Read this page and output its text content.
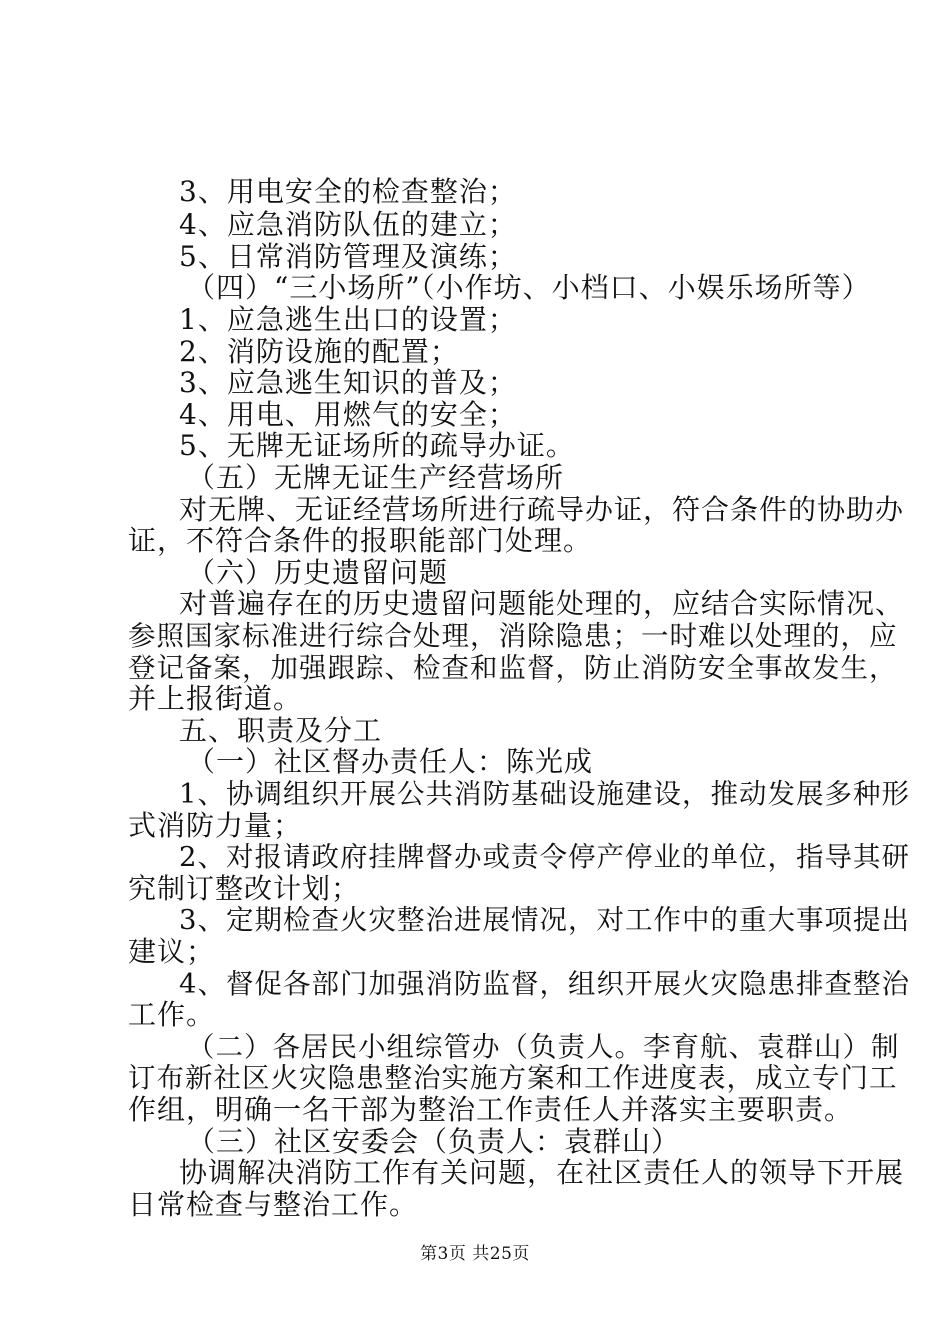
3、用电安全的检查整治；
4、应急消防队伍的建立；
5、日常消防管理及演练；
（四）“三小场所”（小作坊、小档口、小娱乐场所等）
1、应急逃生出口的设置；
2、消防设施的配置；
3、应急逃生知识的普及；
4、用电、用燃气的安全；
5、无牌无证场所的疏导办证。
（五）无牌无证生产经营场所
对无牌、无证经营场所进行疏导办证，符合条件的协助办
证，不符合条件的报职能部门处理。
（六）历史遗留问题
对普遍存在的历史遗留问题能处理的，应结合实际情况、
参照国家标准进行综合处理，消除隐患；一时难以处理的，应
登记备案，加强跟踪、检查和监督，防止消防安全事故发生，
并上报街道。
五、职责及分工
（一）社区督办责任人：陈光成
1、协调组织开展公共消防基础设施建设，推动发展多种形
式消防力量；
2、对报请政府挂牌督办或责令停产停业的单位，指导其研
究制订整改计划；
3、定期检查火灾整治进展情况，对工作中的重大事项提出
建议；
4、督促各部门加强消防监督，组织开展火灾隐患排查整治
工作。
（二）各居民小组综管办（负责人。李育航、袁群山）制
订布新社区火灾隐患整治实施方案和工作进度表，成立专门工
作组，明确一名干部为整治工作责任人并落实主要职责。
（三）社区安委会（负责人：袁群山）
协调解决消防工作有关问题，在社区责任人的领导下开展
日常检查与整治工作。
第3页 共25页
